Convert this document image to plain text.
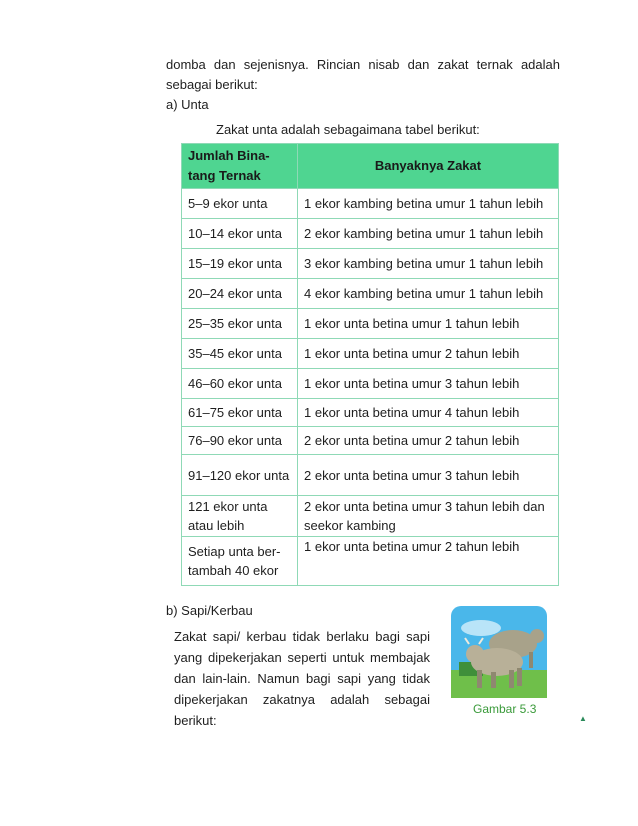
domba dan sejenisnya. Rincian nisab dan zakat ternak adalah sebagai berikut:
a) Unta
Zakat unta adalah sebagaimana tabel berikut:
Jumlah Bina-tang Ternak	Banyaknya Zakat
5–9 ekor unta	1 ekor kambing betina umur 1 tahun lebih
10–14 ekor unta	2 ekor kambing betina umur 1 tahun lebih
15–19 ekor unta	3 ekor kambing betina umur 1 tahun lebih
20–24 ekor unta	4 ekor kambing betina umur 1 tahun lebih
25–35 ekor unta	1 ekor unta betina umur 1 tahun lebih
35–45 ekor unta	1 ekor unta betina umur 2 tahun lebih
46–60 ekor unta	1 ekor unta betina umur 3 tahun lebih
61–75 ekor unta	1 ekor unta betina umur 4 tahun lebih
76–90 ekor unta	2 ekor unta betina umur 2 tahun lebih
91–120 ekor unta	2 ekor unta betina umur 3 tahun lebih
121 ekor unta atau lebih	2 ekor unta betina umur 3 tahun lebih dan seekor kambing
Setiap unta ber-tambah 40 ekor	1 ekor unta betina umur 2 tahun lebih
b) Sapi/Kerbau
Zakat sapi/ kerbau tidak berlaku bagi sapi yang dipekerjakan seperti untuk membajak dan lain-lain. Namun bagi sapi yang tidak dipekerjakan zakatnya adalah sebagai berikut:
Gambar 5.3
▲
